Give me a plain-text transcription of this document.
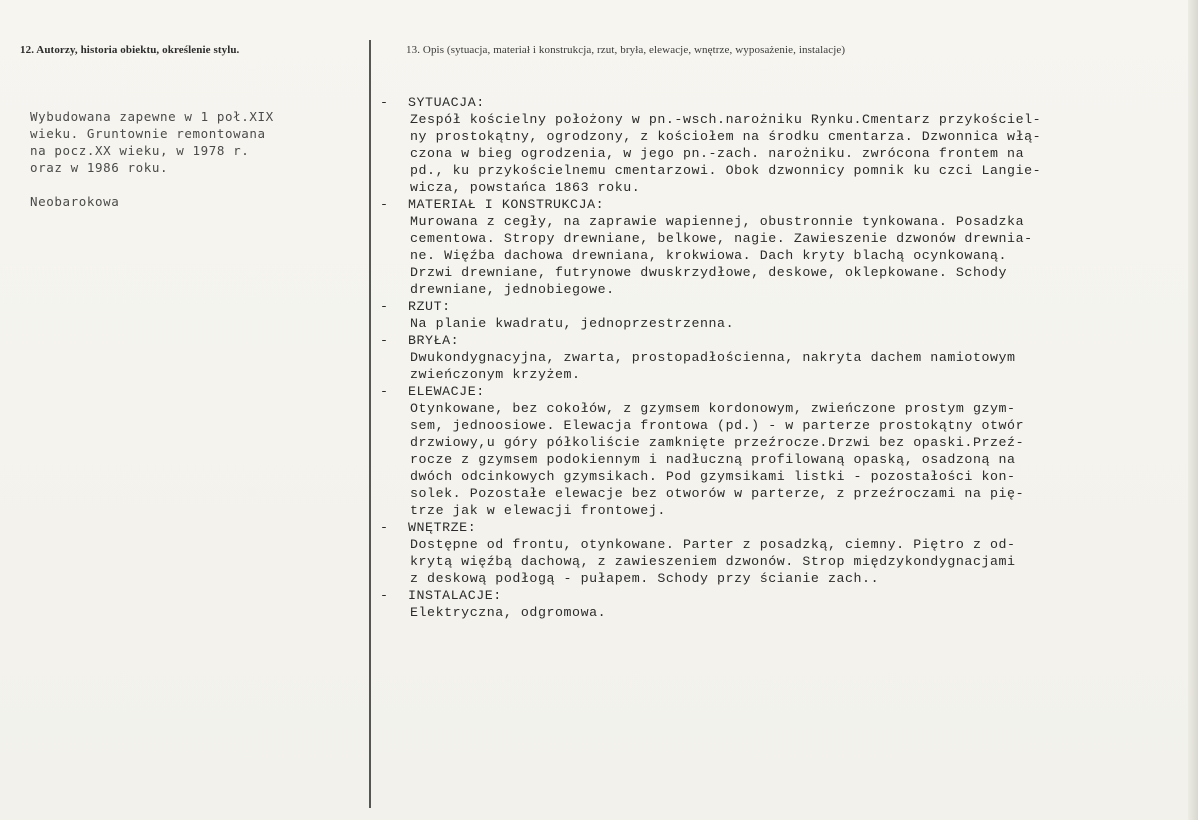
12. Autorzy, historia obiektu, określenie stylu.	13. Opis (sytuacja, materiał i konstrukcja, rzut, bryła, elewacje, wnętrze, wyposażenie, instalacje)

Wybudowana zapewne w 1 poł.XIX

wieku. Gruntownie remontowana

na pocz.XX wieku, w 1978 r.

oraz w 1986 roku.

Neobarokowa

- SYTUACJA:

Zespół kościelny położony w pn.-wsch.narożniku Rynku.Cmentarz przykościel-

ny prostokątny, ogrodzony, z kościołem na środku cmentarza. Dzwonnica włą-

czona w bieg ogrodzenia, w jego pn.-zach. narożniku. zwrócona frontem na

pd., ku przykościelnemu cmentarzowi. Obok dzwonnicy pomnik ku czci Langie-

wicza, powstańca 1863 roku.

- MATERIAŁ I KONSTRUKCJA:

Murowana z cegły, na zaprawie wapiennej, obustronnie tynkowana. Posadzka

cementowa. Stropy drewniane, belkowe, nagie. Zawieszenie dzwonów drewnia-

ne. Więźba dachowa drewniana, krokwiowa. Dach kryty blachą ocynkowaną.

Drzwi drewniane, futrynowe dwuskrzydłowe, deskowe, oklepkowane. Schody

drewniane, jednobiegowe.

- RZUT:

Na planie kwadratu, jednoprzestrzenna.

- BRYŁA:

Dwukondygnacyjna, zwarta, prostopadłościenna, nakryta dachem namiotowym

zwieńczonym krzyżem.

- ELEWACJE:

Otynkowane, bez cokołów, z gzymsem kordonowym, zwieńczone prostym gzym-

sem, jednoosiowe. Elewacja frontowa (pd.) - w parterze prostokątny otwór

drzwiowy,u góry półkoliście zamknięte przeźrocze.Drzwi bez opaski.Przeź-

rocze z gzymsem podokiennym i nadłuczną profilowaną opaską, osadzoną na

dwóch odcinkowych gzymsikach. Pod gzymsikami listki - pozostałości kon-

solek. Pozostałe elewacje bez otworów w parterze, z przeźroczami na pię-

trze jak w elewacji frontowej.

- WNĘTRZE:

Dostępne od frontu, otynkowane. Parter z posadzką, ciemny. Piętro z od-

krytą więźbą dachową, z zawieszeniem dzwonów. Strop międzykondygnacjami

z deskową podłogą - pułapem. Schody przy ścianie zach..

- INSTALACJE:

Elektryczna, odgromowa.
